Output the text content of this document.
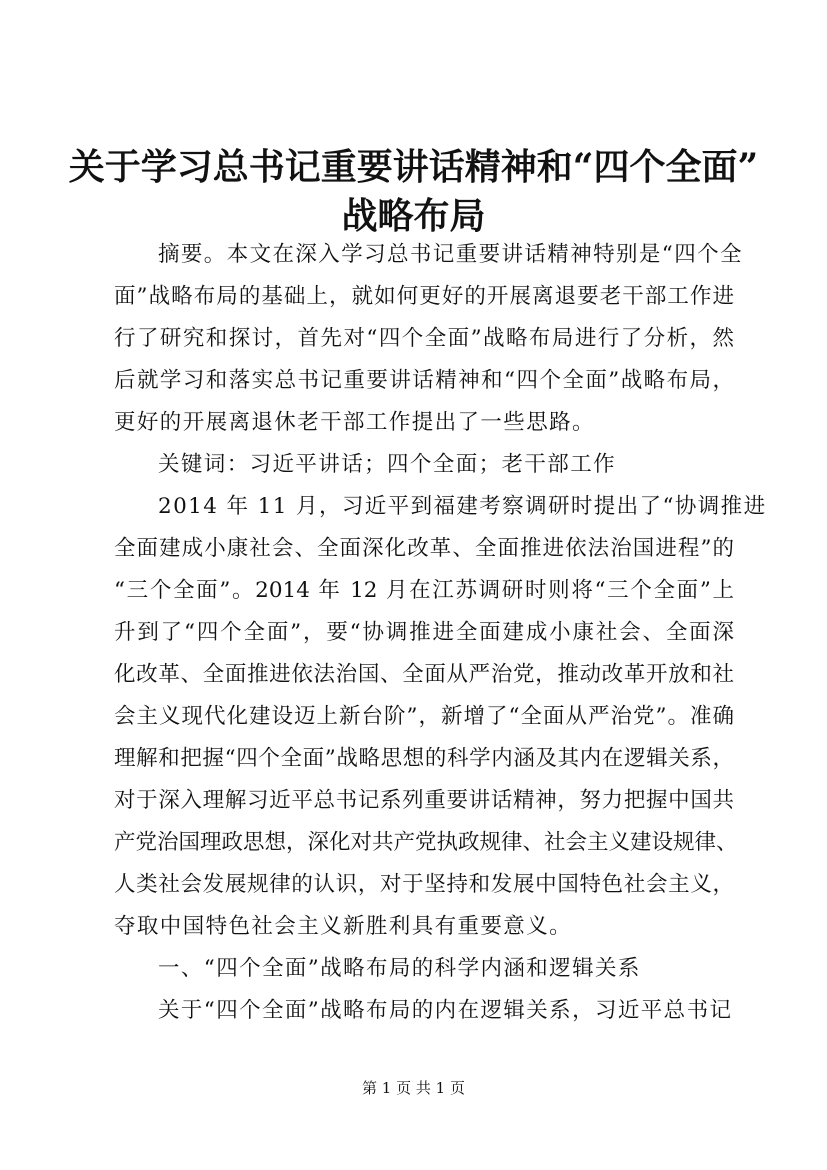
关于学习总书记重要讲话精神和“四个全面”
战略布局
摘要。本文在深入学习总书记重要讲话精神特别是“四个全
面”战略布局的基础上，就如何更好的开展离退要老干部工作进
行了研究和探讨，首先对“四个全面”战略布局进行了分析，然
后就学习和落实总书记重要讲话精神和“四个全面”战略布局，
更好的开展离退休老干部工作提出了一些思路。
关键词：习近平讲话；四个全面；老干部工作
2014 年 11 月，习近平到福建考察调研时提出了“协调推进
全面建成小康社会、全面深化改革、全面推进依法治国进程”的
“三个全面”。2014 年 12 月在江苏调研时则将“三个全面”上
升到了“四个全面”，要“协调推进全面建成小康社会、全面深
化改革、全面推进依法治国、全面从严治党，推动改革开放和社
会主义现代化建设迈上新台阶”，新增了“全面从严治党”。准确
理解和把握“四个全面”战略思想的科学内涵及其内在逻辑关系，
对于深入理解习近平总书记系列重要讲话精神，努力把握中国共
产党治国理政思想，深化对共产党执政规律、社会主义建设规律、
人类社会发展规律的认识，对于坚持和发展中国特色社会主义，
夺取中国特色社会主义新胜利具有重要意义。
一、“四个全面”战略布局的科学内涵和逻辑关系
关于“四个全面”战略布局的内在逻辑关系，习近平总书记
第 1 页 共 1 页
